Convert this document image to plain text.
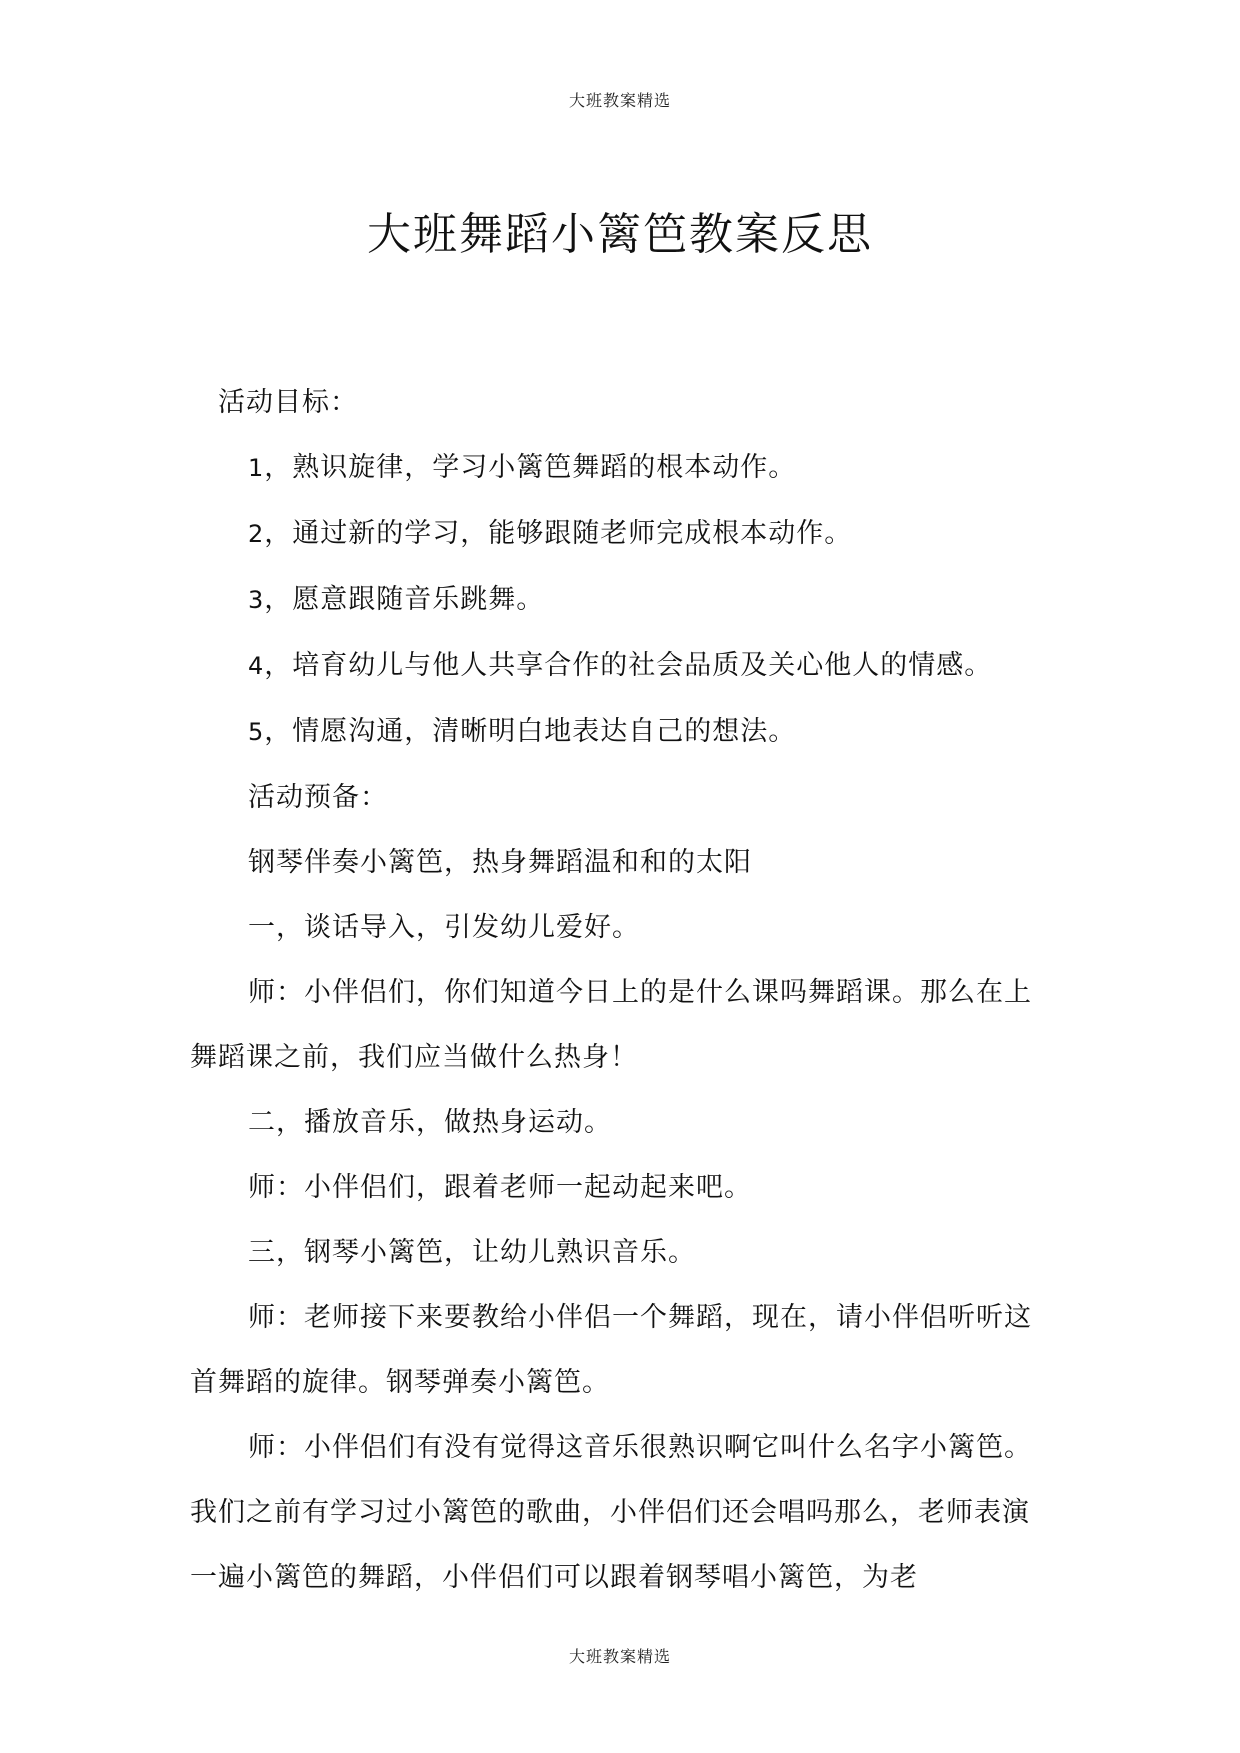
大班教案精选
大班舞蹈小篱笆教案反思

活动目标：

1，熟识旋律，学习小篱笆舞蹈的根本动作。

2，通过新的学习，能够跟随老师完成根本动作。

3，愿意跟随音乐跳舞。

4，培育幼儿与他人共享合作的社会品质及关心他人的情感。

5，情愿沟通，清晰明白地表达自己的想法。

活动预备：

钢琴伴奏小篱笆，热身舞蹈温和和的太阳

一，谈话导入，引发幼儿爱好。

师：小伴侣们，你们知道今日上的是什么课吗舞蹈课。那么在上舞蹈课之前，我们应当做什么热身！

二，播放音乐，做热身运动。

师：小伴侣们，跟着老师一起动起来吧。

三，钢琴小篱笆，让幼儿熟识音乐。

师：老师接下来要教给小伴侣一个舞蹈，现在，请小伴侣听听这首舞蹈的旋律。钢琴弹奏小篱笆。

师：小伴侣们有没有觉得这音乐很熟识啊它叫什么名字小篱笆。我们之前有学习过小篱笆的歌曲，小伴侣们还会唱吗那么，老师表演一遍小篱笆的舞蹈，小伴侣们可以跟着钢琴唱小篱笆，为老

大班教案精选
